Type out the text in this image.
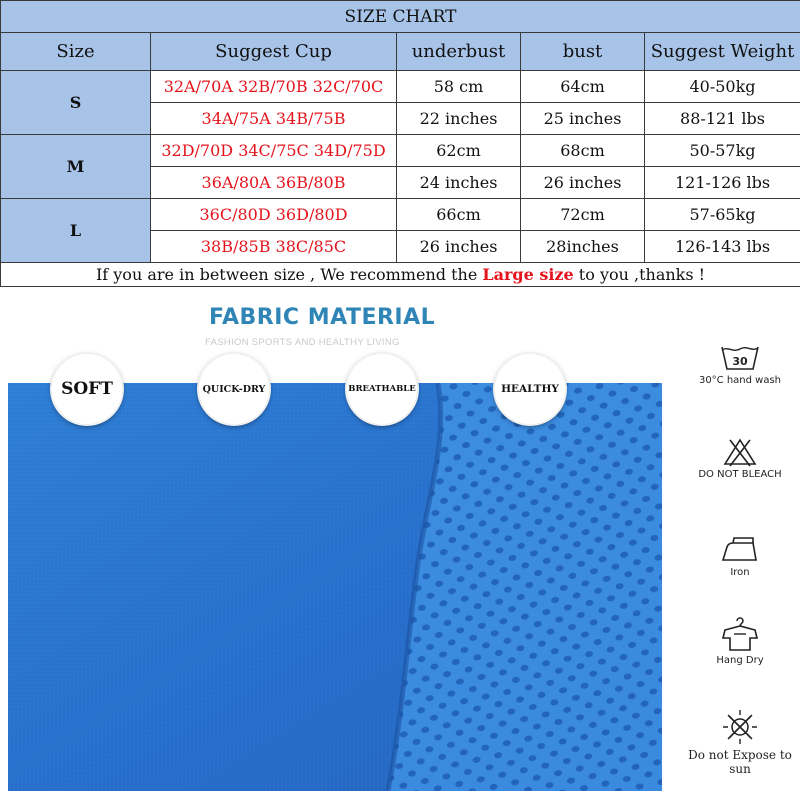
SIZE CHART				
Size	Suggest Cup	underbust	bust	Suggest Weight
S	32A/70A 32B/70B 32C/70C	58 cm	64cm	40-50kg
	34A/75A 34B/75B	22 inches	25 inches	88-121 lbs
M	32D/70D 34C/75C 34D/75D	62cm	68cm	50-57kg
	36A/80A 36B/80B	24 inches	26 inches	121-126 lbs
L	36C/80D 36D/80D	66cm	72cm	57-65kg
	38B/85B 38C/85C	26 inches	28inches	126-143 lbs
If you are in between size , We recommend the Large size to you ,thanks !				
FABRIC MATERIAL
FASHION SPORTS AND HEALTHY LIVING
SOFT	QUICK-DRY	BREATHABLE	HEALTHY
30
30°C hand wash
DO NOT BLEACH
Iron
Hang Dry
Do not Expose to sun
